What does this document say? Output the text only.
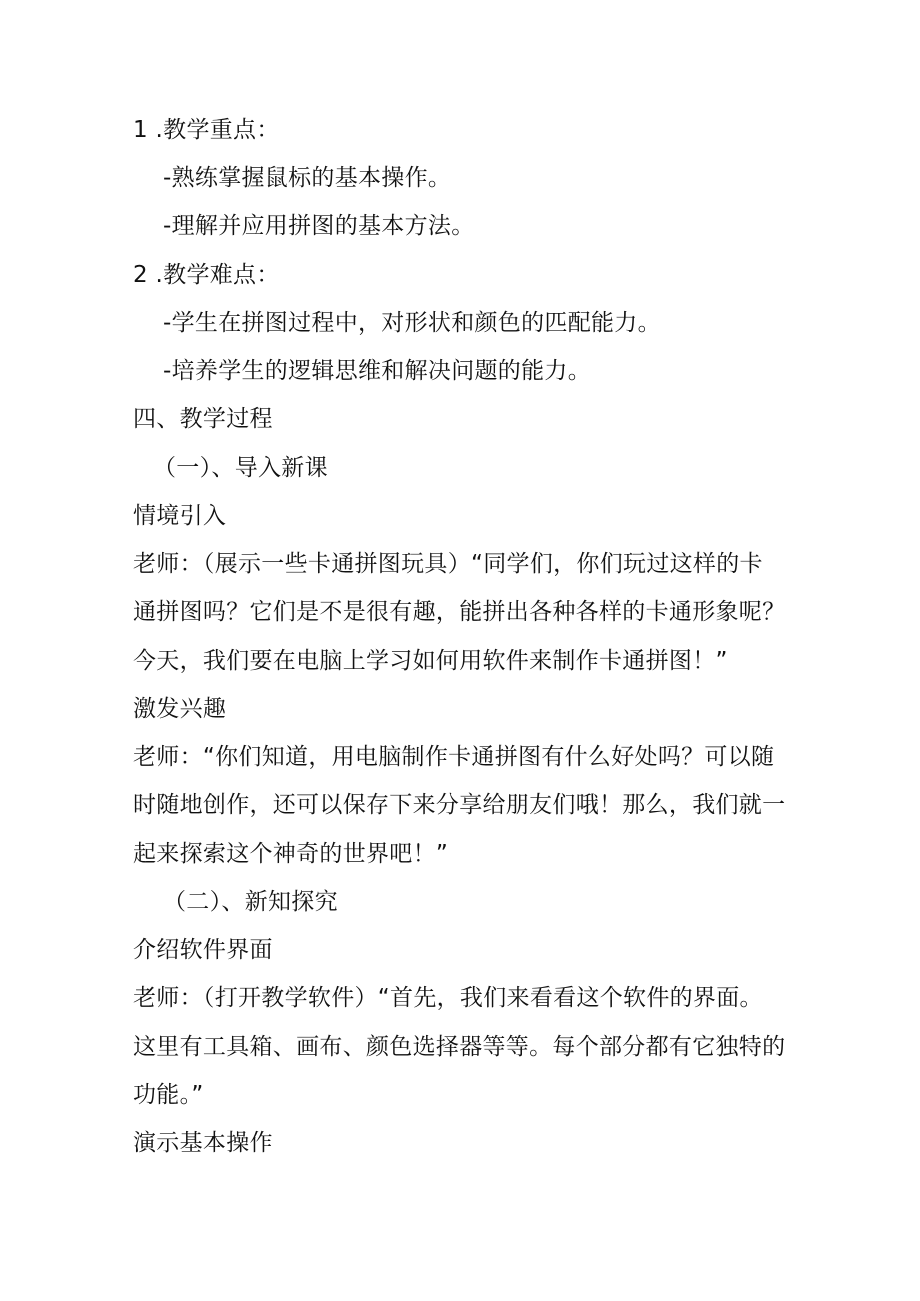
1 .教学重点：
-熟练掌握鼠标的基本操作。
-理解并应用拼图的基本方法。
2 .教学难点：
-学生在拼图过程中，对形状和颜色的匹配能力。
-培养学生的逻辑思维和解决问题的能力。
四、教学过程
（一）、导入新课
情境引入
老师：（展示一些卡通拼图玩具）“同学们，你们玩过这样的卡
通拼图吗？它们是不是很有趣，能拼出各种各样的卡通形象呢？
今天，我们要在电脑上学习如何用软件来制作卡通拼图！”
激发兴趣
老师：“你们知道，用电脑制作卡通拼图有什么好处吗？可以随
时随地创作，还可以保存下来分享给朋友们哦！那么，我们就一
起来探索这个神奇的世界吧！”
（二）、新知探究
介绍软件界面
老师：（打开教学软件）“首先，我们来看看这个软件的界面。
这里有工具箱、画布、颜色选择器等等。每个部分都有它独特的
功能。”
演示基本操作
